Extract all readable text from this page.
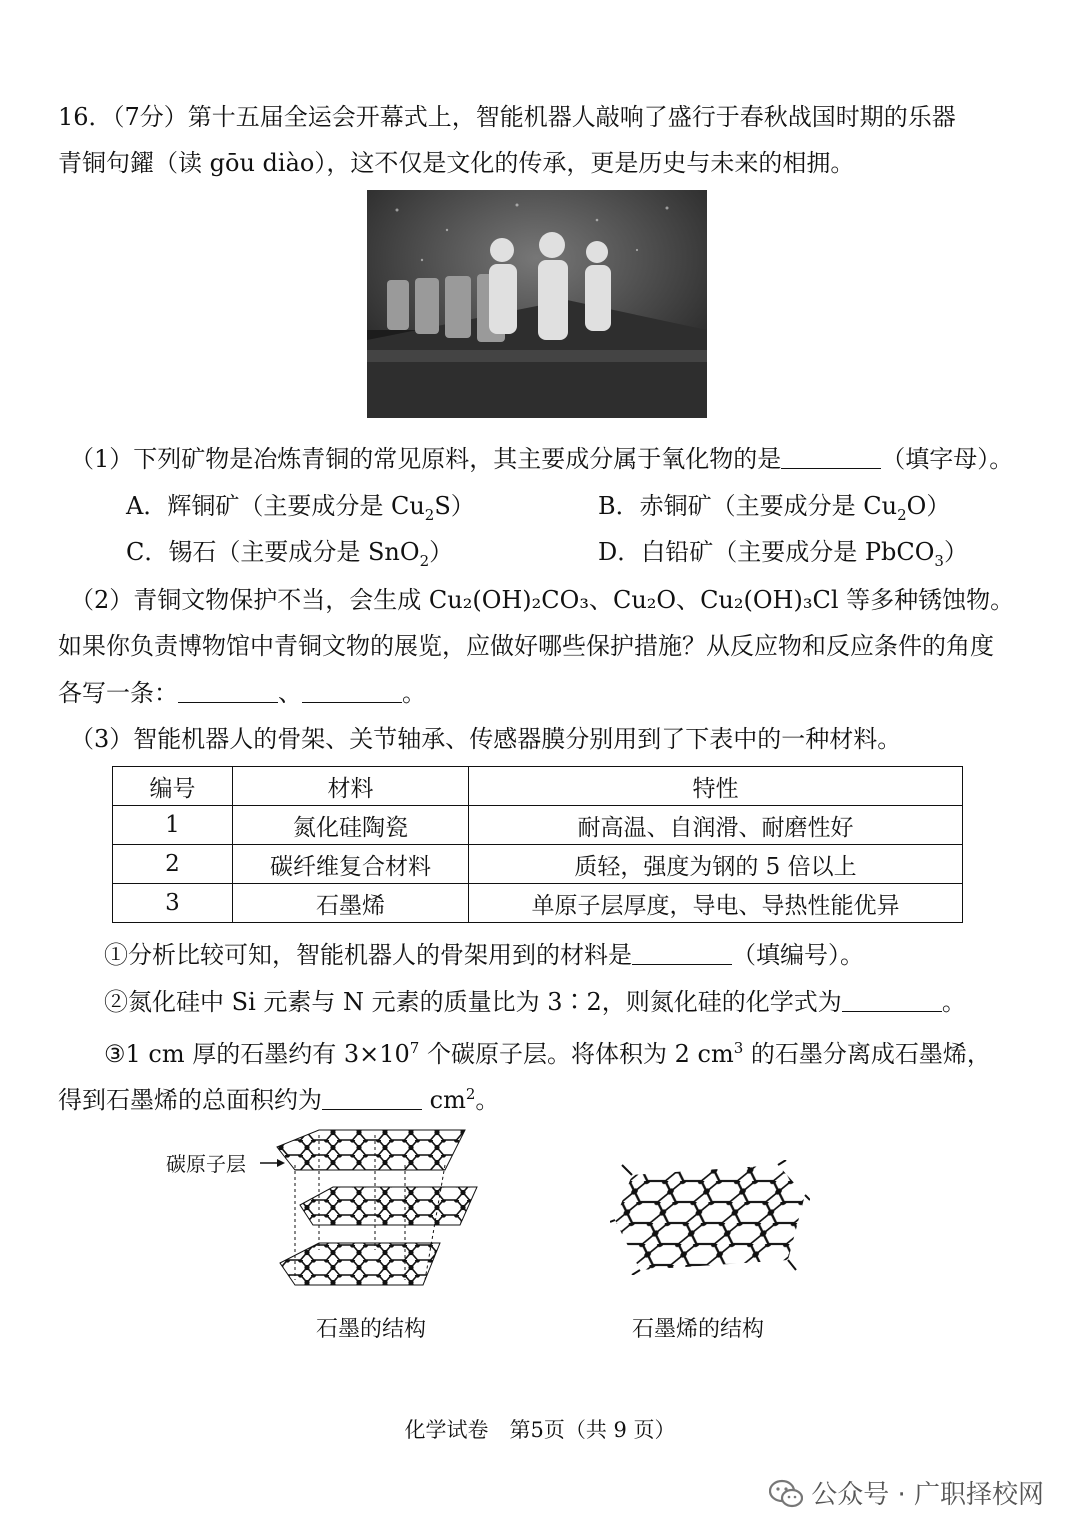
16．（7分）第十五届全运会开幕式上，智能机器人敲响了盛行于春秋战国时期的乐器
青铜句鑃（读 gōu diào），这不仅是文化的传承，更是历史与未来的相拥。
（1）下列矿物是冶炼青铜的常见原料，其主要成分属于氧化物的是	（填字母）。
A．辉铜矿（主要成分是 $Cu_2S$）	B．赤铜矿（主要成分是 $Cu_2O$）
C．锡石（主要成分是 SnO$_2$）	D．白铅矿（主要成分是 PbCO$_3$）
（2）青铜文物保护不当，会生成 Cu₂(OH)₂CO₃、Cu₂O、Cu₂(OH)₃Cl 等多种锈蚀物。
如果你负责博物馆中青铜文物的展览，应做好哪些保护措施？从反应物和反应条件的角度
各写一条：	、	。
（3）智能机器人的骨架、关节轴承、传感器膜分别用到了下表中的一种材料。
编号	材料	特性
1	氮化硅陶瓷	耐高温、自润滑、耐磨性好
2	碳纤维复合材料	质轻，强度为钢的 5 倍以上
3	石墨烯	单原子层厚度，导电、导热性能优异
①分析比较可知，智能机器人的骨架用到的材料是	（填编号）。
②氮化硅中 Si 元素与 N 元素的质量比为 3∶2，则氮化硅的化学式为	。
③1 cm 厚的石墨约有 $3\times 10^7$ 个碳原子层。将体积为 2 $cm^3$ 的石墨分离成石墨烯，
得到石墨烯的总面积约为	$cm^2$。
碳原子层
石墨的结构	石墨烯的结构
化学试卷　第5页（共 9 页）
公众号 · 广职择校网
